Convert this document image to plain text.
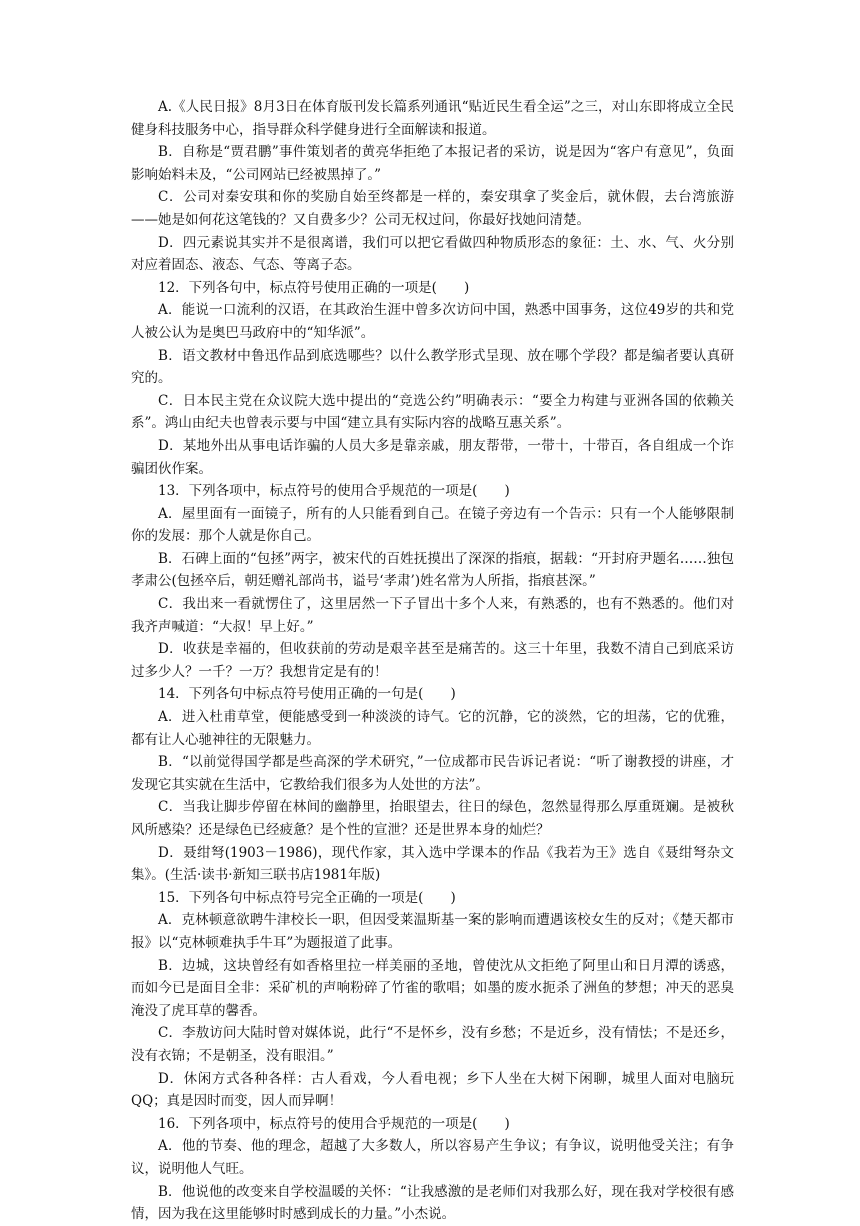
A.《人民日报》8月3日在体育版刊发长篇系列通讯“贴近民生看全运”之三，对山东即将成立全民健身科技服务中心，指导群众科学健身进行全面解读和报道。

B．自称是“贾君鹏”事件策划者的黄亮华拒绝了本报记者的采访，说是因为“客户有意见”，负面影响始料未及，“公司网站已经被黑掉了。”

C．公司对秦安琪和你的奖励自始至终都是一样的，秦安琪拿了奖金后，就休假，去台湾旅游——她是如何花这笔钱的？又自费多少？公司无权过问，你最好找她问清楚。

D．四元素说其实并不是很离谱，我们可以把它看做四种物质形态的象征：土、水、气、火分别对应着固态、液态、气态、等离子态。

12．下列各句中，标点符号使用正确的一项是(　　)

A．能说一口流利的汉语，在其政治生涯中曾多次访问中国，熟悉中国事务，这位49岁的共和党人被公认为是奥巴马政府中的“知华派”。

B．语文教材中鲁迅作品到底选哪些？以什么教学形式呈现、放在哪个学段？都是编者要认真研究的。

C．日本民主党在众议院大选中提出的“竞选公约”明确表示：“要全力构建与亚洲各国的依赖关系”。鸿山由纪夫也曾表示要与中国“建立具有实际内容的战略互惠关系”。

D．某地外出从事电话诈骗的人员大多是靠亲戚，朋友帮带，一带十，十带百，各自组成一个诈骗团伙作案。

13．下列各项中，标点符号的使用合乎规范的一项是(　　)

A．屋里面有一面镜子，所有的人只能看到自己。在镜子旁边有一个告示：只有一个人能够限制你的发展：那个人就是你自己。

B．石碑上面的“包拯”两字，被宋代的百姓抚摸出了深深的指痕，据载：“开封府尹题名……独包孝肃公(包拯卒后，朝廷赠礼部尚书，谥号‘孝肃’)姓名常为人所指，指痕甚深。”

C．我出来一看就愣住了，这里居然一下子冒出十多个人来，有熟悉的，也有不熟悉的。他们对我齐声喊道：“大叔！早上好。”

D．收获是幸福的，但收获前的劳动是艰辛甚至是痛苦的。这三十年里，我数不清自己到底采访过多少人？一千？一万？我想肯定是有的！

14．下列各句中标点符号使用正确的一句是(　　)

A．进入杜甫草堂，便能感受到一种淡淡的诗气。它的沉静，它的淡然，它的坦荡，它的优雅，都有让人心驰神往的无限魅力。

B．“以前觉得国学都是些高深的学术研究，”一位成都市民告诉记者说：“听了谢教授的讲座，才发现它其实就在生活中，它教给我们很多为人处世的方法”。

C．当我让脚步停留在林间的幽静里，抬眼望去，往日的绿色，忽然显得那么厚重斑斓。是被秋风所感染？还是绿色已经疲惫？是个性的宣泄？还是世界本身的灿烂？

D．聂绀弩(1903－1986)，现代作家，其入选中学课本的作品《我若为王》选自《聂绀弩杂文集》。(生活·读书·新知三联书店1981年版)

15．下列各句中标点符号完全正确的一项是(　　)

A．克林顿意欲聘牛津校长一职，但因受莱温斯基一案的影响而遭遇该校女生的反对；《楚天都市报》以“克林顿难执手牛耳”为题报道了此事。

B．边城，这块曾经有如香格里拉一样美丽的圣地，曾使沈从文拒绝了阿里山和日月潭的诱惑，而如今已是面目全非：采矿机的声响粉碎了竹雀的歌唱；如墨的废水扼杀了洲鱼的梦想；冲天的恶臭淹没了虎耳草的馨香。

C．李敖访问大陆时曾对媒体说，此行“不是怀乡，没有乡愁；不是近乡，没有情怯；不是还乡，没有衣锦；不是朝圣，没有眼泪。”

D．休闲方式各种各样：古人看戏，今人看电视；乡下人坐在大树下闲聊，城里人面对电脑玩QQ；真是因时而变，因人而异啊！

16．下列各项中，标点符号的使用合乎规范的一项是(　　)

A．他的节奏、他的理念，超越了大多数人，所以容易产生争议；有争议，说明他受关注；有争议，说明他人气旺。

B．他说他的改变来自学校温暖的关怀：“让我感激的是老师们对我那么好，现在我对学校很有感情，因为我在这里能够时时感到成长的力量。”小杰说。
